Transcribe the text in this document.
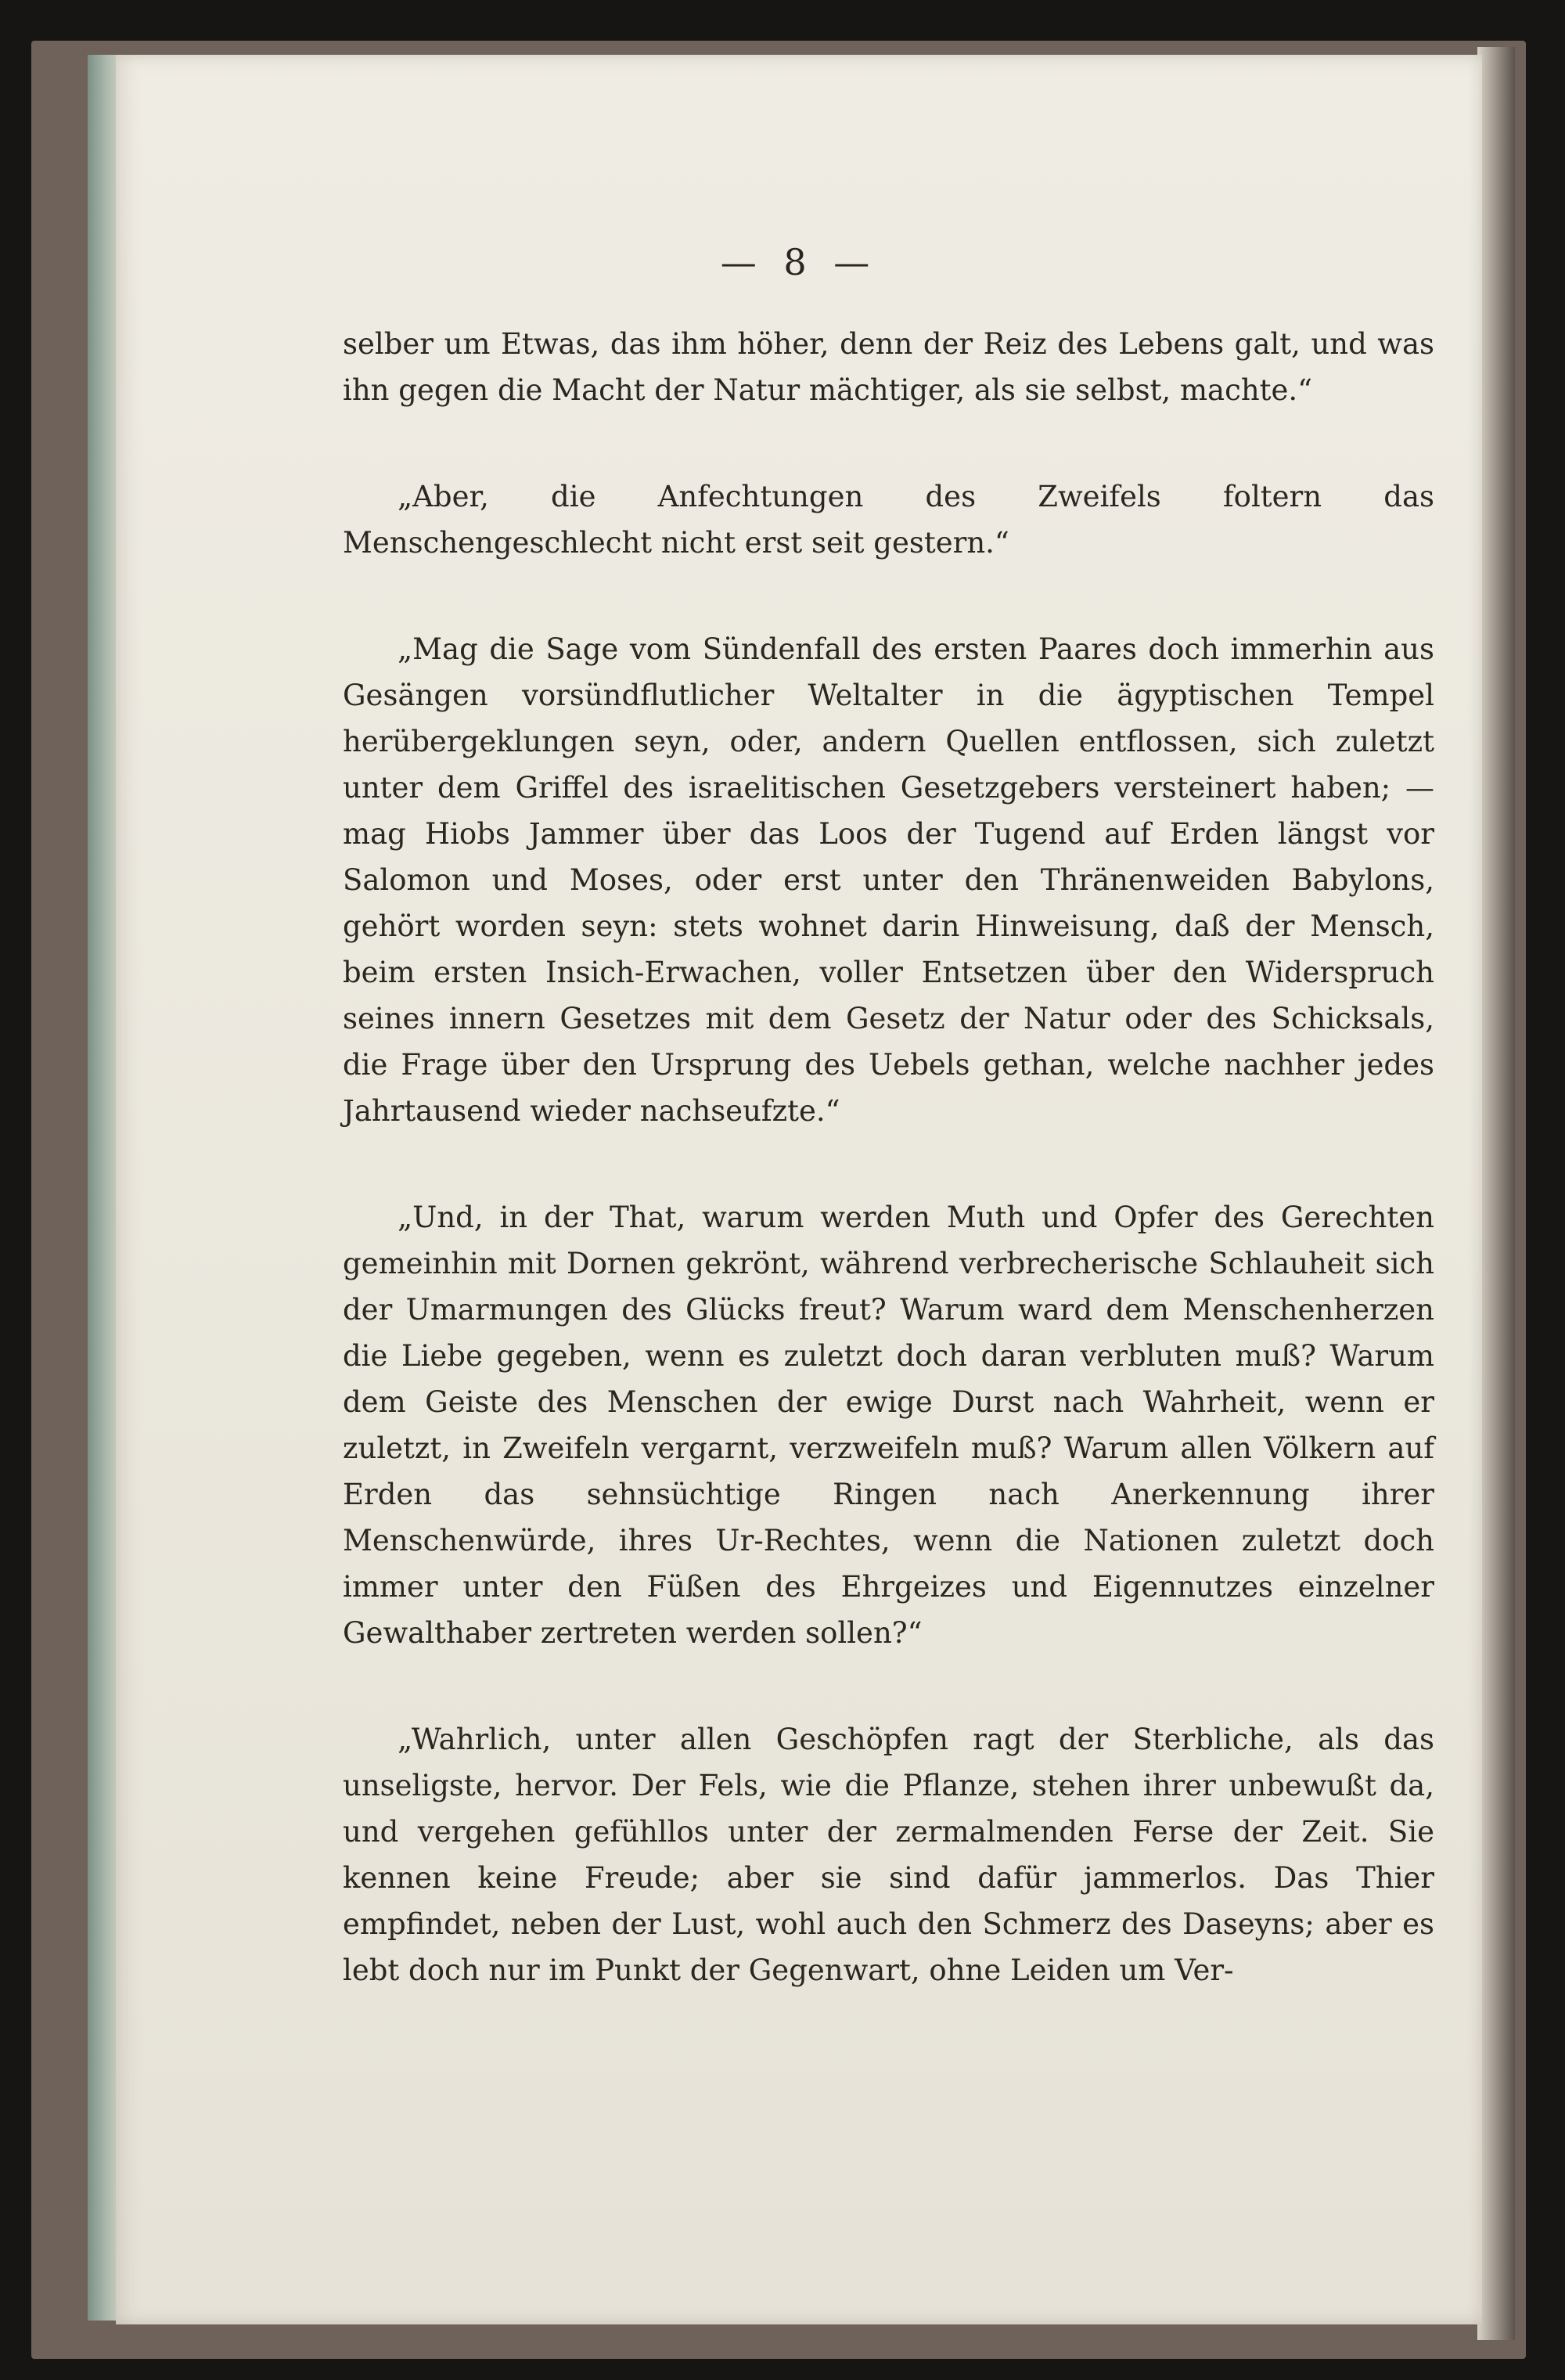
— 8 —

selber um Etwas, das ihm höher, denn der Reiz des Lebens galt, und was ihn gegen die Macht der Natur mächtiger, als sie selbst, machte.“

„Aber, die Anfechtungen des Zweifels foltern das Menschengeschlecht nicht erst seit gestern.“

„Mag die Sage vom Sündenfall des ersten Paares doch immerhin aus Gesängen vorsündflutlicher Weltalter in die ägyptischen Tempel herübergeklungen seyn, oder, andern Quellen entflossen, sich zuletzt unter dem Griffel des israelitischen Gesetzgebers versteinert haben; — mag Hiobs Jammer über das Loos der Tugend auf Erden längst vor Salomon und Moses, oder erst unter den Thränenweiden Babylons, gehört worden seyn: stets wohnet darin Hinweisung, daß der Mensch, beim ersten Insich-Erwachen, voller Entsetzen über den Widerspruch seines innern Gesetzes mit dem Gesetz der Natur oder des Schicksals, die Frage über den Ursprung des Uebels gethan, welche nachher jedes Jahrtausend wieder nachseufzte.“

„Und, in der That, warum werden Muth und Opfer des Gerechten gemeinhin mit Dornen gekrönt, während verbrecherische Schlauheit sich der Umarmungen des Glücks freut? Warum ward dem Menschenherzen die Liebe gegeben, wenn es zuletzt doch daran verbluten muß? Warum dem Geiste des Menschen der ewige Durst nach Wahrheit, wenn er zuletzt, in Zweifeln vergarnt, verzweifeln muß? Warum allen Völkern auf Erden das sehnsüchtige Ringen nach Anerkennung ihrer Menschenwürde, ihres Ur-Rechtes, wenn die Nationen zuletzt doch immer unter den Füßen des Ehrgeizes und Eigennutzes einzelner Gewalthaber zertreten werden sollen?“

„Wahrlich, unter allen Geschöpfen ragt der Sterbliche, als das unseligste, hervor. Der Fels, wie die Pflanze, stehen ihrer unbewußt da, und vergehen gefühllos unter der zermalmenden Ferse der Zeit. Sie kennen keine Freude; aber sie sind dafür jammerlos. Das Thier empfindet, neben der Lust, wohl auch den Schmerz des Daseyns; aber es lebt doch nur im Punkt der Gegenwart, ohne Leiden um Ver-
